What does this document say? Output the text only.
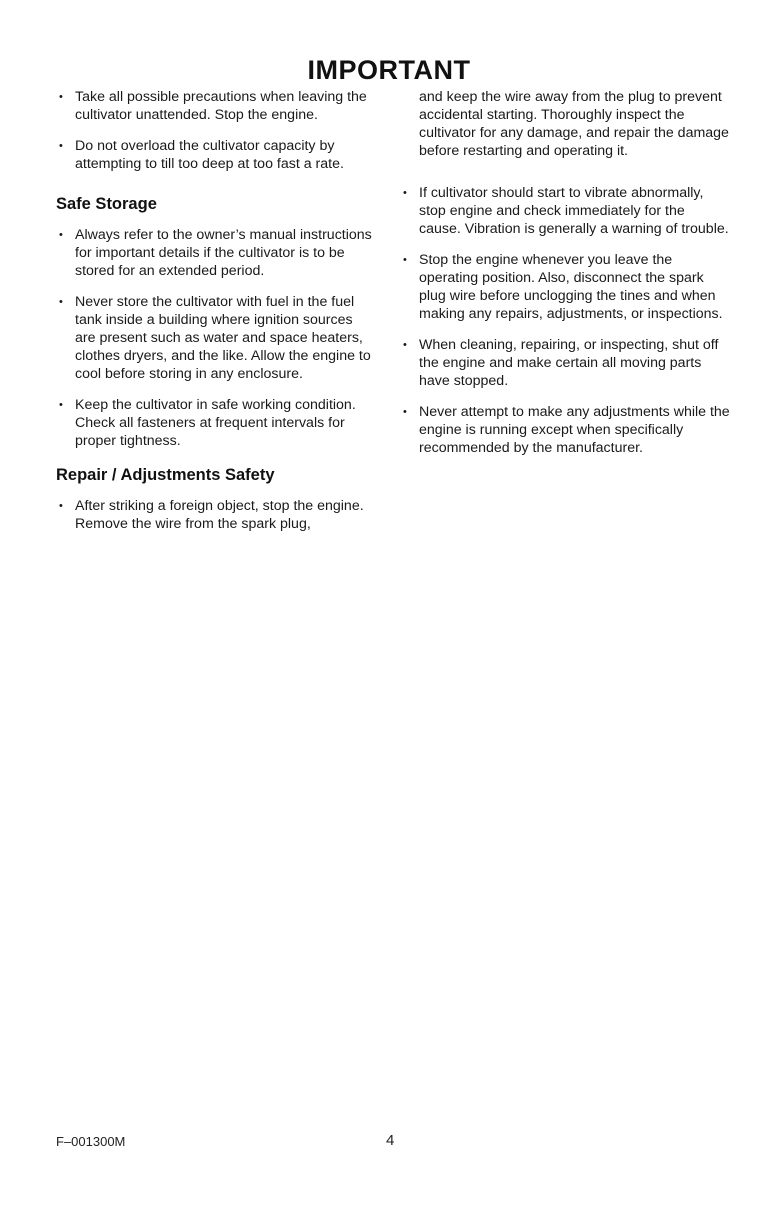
IMPORTANT
• Take all possible precautions when leaving the cultivator unattended. Stop the engine.
• Do not overload the cultivator capacity by attempting to till too deep at too fast a rate.
Safe Storage
• Always refer to the owner’s manual instructions for important details if the cultivator is to be stored for an extended period.
• Never store the cultivator with fuel in the fuel tank inside a building where ignition sources are present such as water and space heaters, clothes dryers, and the like. Allow the engine to cool before storing in any enclosure.
• Keep the cultivator in safe working condition. Check all fasteners at frequent intervals for proper tightness.
Repair / Adjustments Safety
• After striking a foreign object, stop the engine. Remove the wire from the spark plug,

and keep the wire away from the plug to prevent accidental starting. Thoroughly inspect the cultivator for any damage, and repair the damage before restarting and operating it.

• If cultivator should start to vibrate abnormally, stop engine and check immediately for the cause. Vibration is generally a warning of trouble.
• Stop the engine whenever you leave the operating position. Also, disconnect the spark plug wire before unclogging the tines and when making any repairs, adjustments, or inspections.
• When cleaning, repairing, or inspecting, shut off the engine and make certain all moving parts have stopped.
• Never attempt to make any adjustments while the engine is running except when specifically recommended by the manufacturer.
F–001300M	4
